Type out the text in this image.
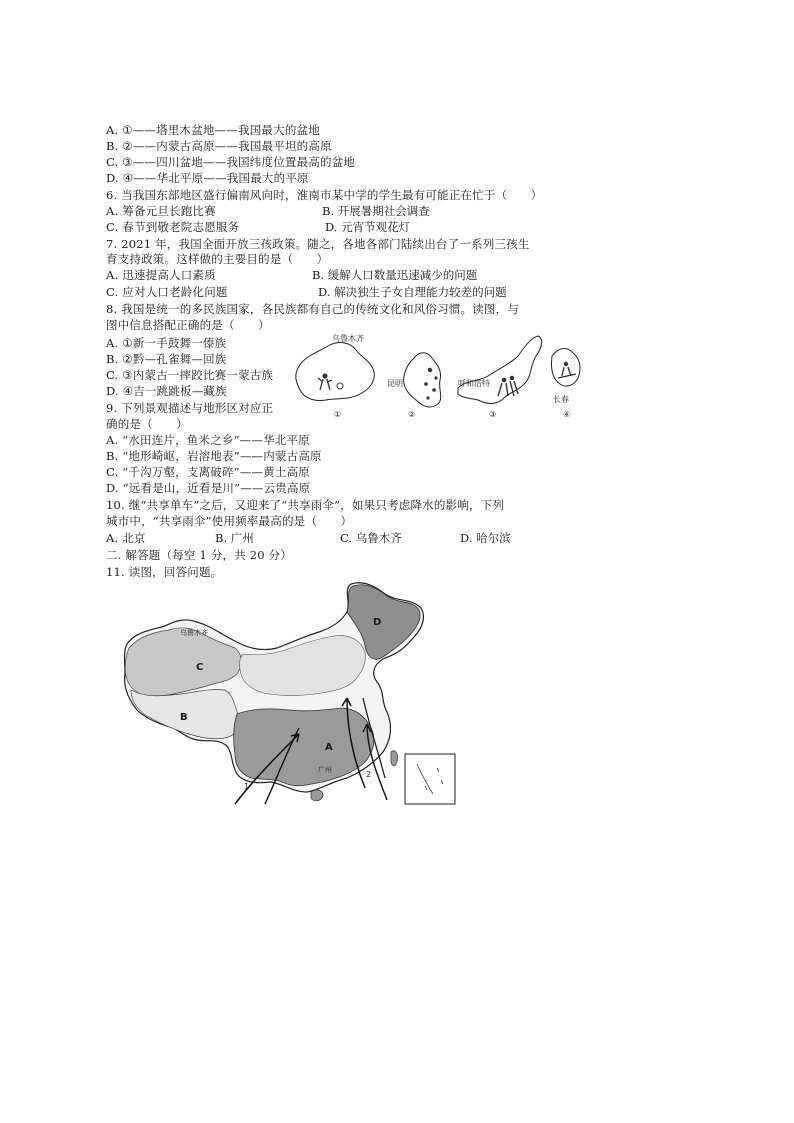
A. ①——塔里木盆地——我国最大的盆地
B. ②——内蒙古高原——我国最平坦的高原
C. ③——四川盆地——我国纬度位置最高的盆地
D. ④——华北平原——我国最大的平原
6. 当我国东部地区盛行偏南风向时，淮南市某中学的学生最有可能正在忙于（　　）
A. 筹备元旦长跑比赛	B. 开展暑期社会调查
C. 春节到敬老院志愿服务	D. 元宵节观花灯
7. 2021 年，我国全面开放三孩政策。随之，各地各部门陆续出台了一系列三孩生
育支持政策。这样做的主要目的是（　　）
A. 迅速提高人口素质	B. 缓解人口数量迅速减少的问题
C. 应对人口老龄化问题	D. 解决独生子女自理能力较差的问题
8. 我国是统一的多民族国家，各民族都有自己的传统文化和风俗习惯。读图，与
图中信息搭配正确的是（　　）
A. ①新一手鼓舞一傣族
B. ②黔—孔雀舞—回族
C. ③内蒙古一摔跤比赛一蒙古族
D. ④吉一跳跳板—藏族
乌鲁木齐
昆明	呼和浩特
长春
①	②	③	④
9. 下列景观描述与地形区对应正
确的是（　　）
A. “水田连片，鱼米之乡”——华北平原
B. “地形崎岖，岩溶地表”——内蒙古高原
C. “千沟万壑，支离破碎”——黄土高原
D. “远看是山，近看是川”——云贵高原
10. 继“共享单车”之后，又迎来了“共享雨伞”，如果只考虑降水的影响，下列
城市中，“共享雨伞”使用频率最高的是（　　）
A. 北京	B. 广州	C. 乌鲁木齐	D. 哈尔滨
二. 解答题（每空 1 分，共 20 分）
11. 读图，回答问题。
乌鲁木齐
广州
C
B
A
D
1
2
